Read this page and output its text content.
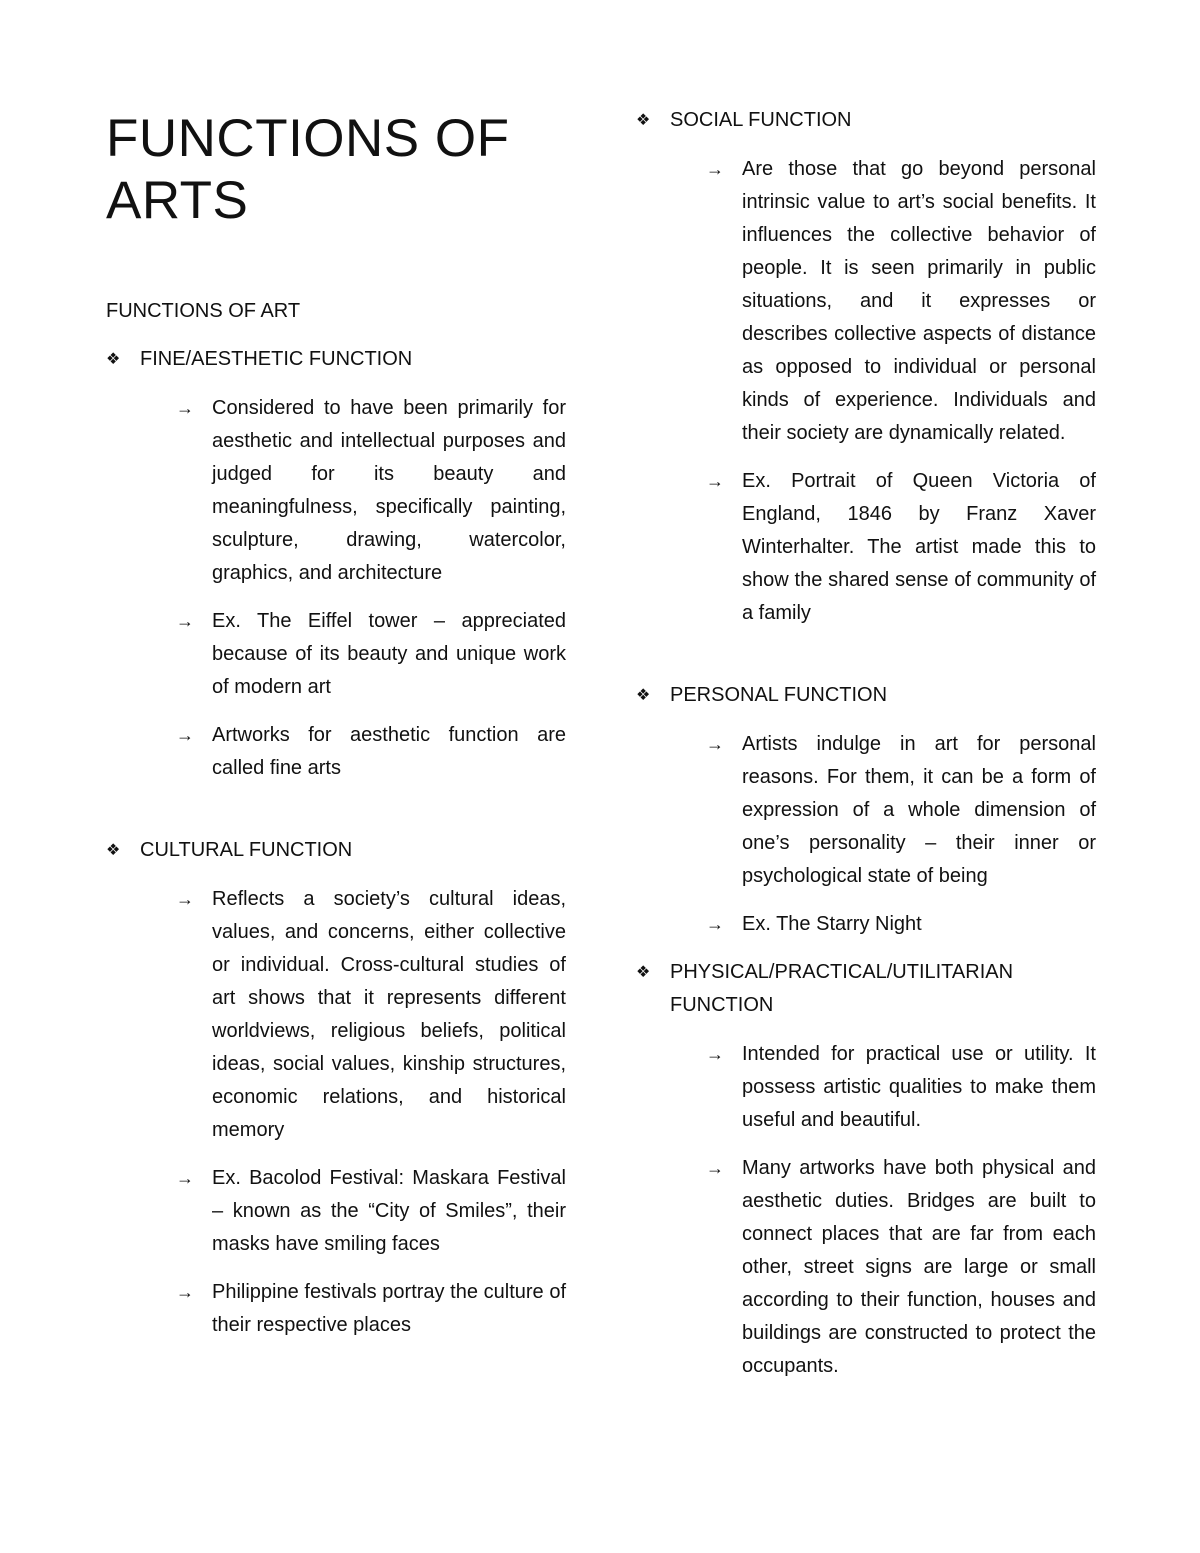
FUNCTIONS OF ARTS

FUNCTIONS OF ART

❖ FINE/AESTHETIC FUNCTION
→ Considered to have been primarily for aesthetic and intellectual purposes and judged for its beauty and meaningfulness, specifically painting, sculpture, drawing, watercolor, graphics, and architecture
→ Ex. The Eiffel tower – appreciated because of its beauty and unique work of modern art
→ Artworks for aesthetic function are called fine arts
❖ CULTURAL FUNCTION
→ Reflects a society’s cultural ideas, values, and concerns, either collective or individual. Cross-cultural studies of art shows that it represents different worldviews, religious beliefs, political ideas, social values, kinship structures, economic relations, and historical memory
→ Ex. Bacolod Festival: Maskara Festival – known as the “City of Smiles”, their masks have smiling faces
→ Philippine festivals portray the culture of their respective places
❖ SOCIAL FUNCTION
→ Are those that go beyond personal intrinsic value to art’s social benefits. It influences the collective behavior of people. It is seen primarily in public situations, and it expresses or describes collective aspects of distance as opposed to individual or personal kinds of experience. Individuals and their society are dynamically related.
→ Ex. Portrait of Queen Victoria of England, 1846 by Franz Xaver Winterhalter. The artist made this to show the shared sense of community of a family
❖ PERSONAL FUNCTION
→ Artists indulge in art for personal reasons. For them, it can be a form of expression of a whole dimension of one’s personality – their inner or psychological state of being
→ Ex. The Starry Night
❖ PHYSICAL/PRACTICAL/UTILITARIAN FUNCTION
→ Intended for practical use or utility. It possess artistic qualities to make them useful and beautiful.
→ Many artworks have both physical and aesthetic duties. Bridges are built to connect places that are far from each other, street signs are large or small according to their function, houses and buildings are constructed to protect the occupants.
